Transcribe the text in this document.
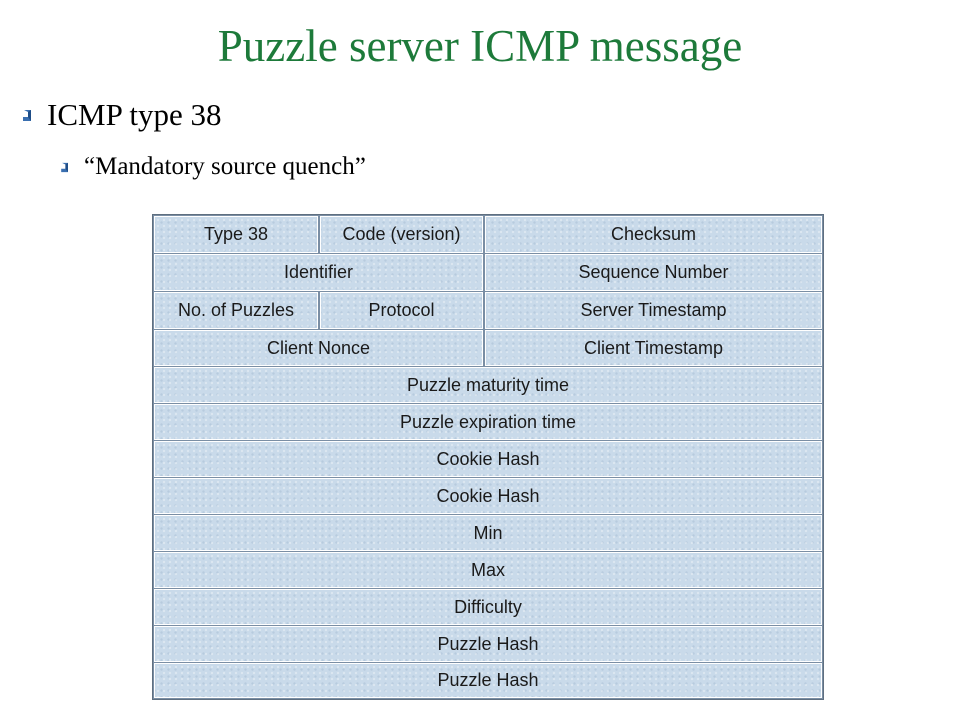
Puzzle server ICMP message
ICMP type 38
“Mandatory source quench”
Type 38	Code (version)	Checksum
Identifier	Sequence Number
No. of Puzzles	Protocol	Server Timestamp
Client Nonce	Client Timestamp
Puzzle maturity time
Puzzle expiration time
Cookie Hash
Cookie Hash
Min
Max
Difficulty
Puzzle Hash
Puzzle Hash
